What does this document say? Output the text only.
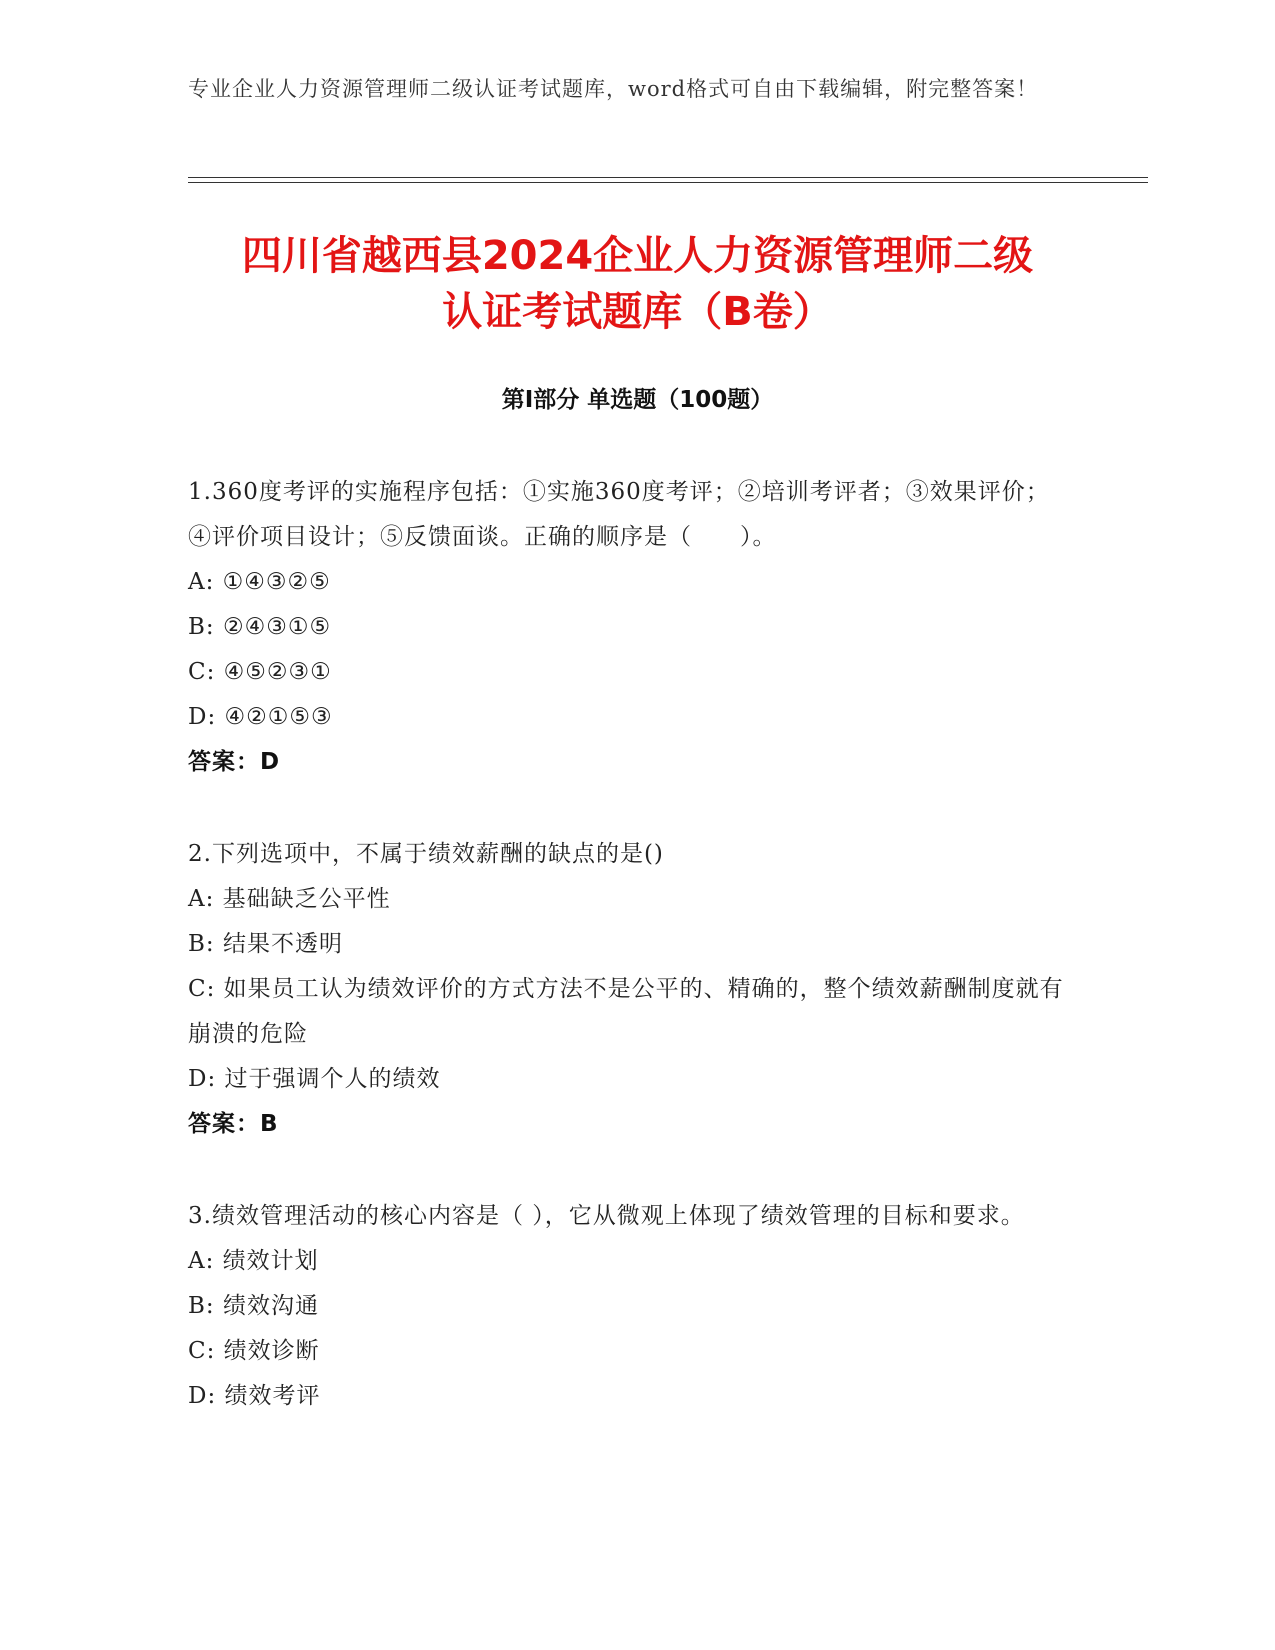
专业企业人力资源管理师二级认证考试题库，word格式可自由下载编辑，附完整答案！
四川省越西县2024企业人力资源管理师二级
认证考试题库（B卷）
第I部分 单选题（100题）

1.360度考评的实施程序包括：①实施360度考评；②培训考评者；③效果评价；④评价项目设计；⑤反馈面谈。正确的顺序是（　　）。

A: ①④③②⑤

B: ②④③①⑤

C: ④⑤②③①

D: ④②①⑤③

答案：D

2.下列选项中，不属于绩效薪酬的缺点的是()

A: 基础缺乏公平性

B: 结果不透明

C: 如果员工认为绩效评价的方式方法不是公平的、精确的，整个绩效薪酬制度就有崩溃的危险

D: 过于强调个人的绩效

答案：B

3.绩效管理活动的核心内容是（ ），它从微观上体现了绩效管理的目标和要求。

A: 绩效计划

B: 绩效沟通

C: 绩效诊断

D: 绩效考评
